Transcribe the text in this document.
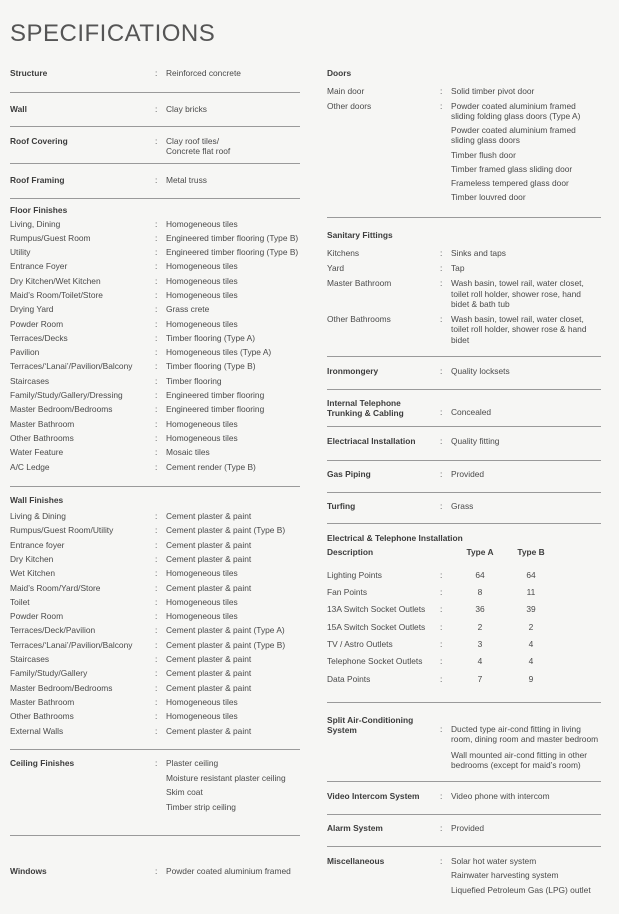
SPECIFICATIONS
Structure	:	Reinforced concrete
Wall	:	Clay bricks
Roof Covering	:	Clay roof tiles/
Concrete flat roof
Roof Framing	:	Metal truss
Floor Finishes
Living, Dining	:	Homogeneous tiles
Rumpus/Guest Room	:	Engineered timber flooring (Type B)
Utility	:	Engineered timber flooring (Type B)
Entrance Foyer	:	Homogeneous tiles
Dry Kitchen/Wet Kitchen	:	Homogeneous tiles
Maid’s Room/Toilet/Store	:	Homogeneous tiles
Drying Yard	:	Grass crete
Powder Room	:	Homogeneous tiles
Terraces/Decks	:	Timber flooring (Type A)
Pavilion	:	Homogeneous tiles (Type A)
Terraces/‘Lanai’/Pavilion/Balcony	:	Timber flooring (Type B)
Staircases	:	Timber flooring
Family/Study/Gallery/Dressing	:	Engineered timber flooring
Master Bedroom/Bedrooms	:	Engineered timber flooring
Master Bathroom	:	Homogeneous tiles
Other Bathrooms	:	Homogeneous tiles
Water Feature	:	Mosaic tiles
A/C Ledge	:	Cement render (Type B)
Wall Finishes
Living & Dining	:	Cement plaster & paint
Rumpus/Guest Room/Utility	:	Cement plaster & paint (Type B)
Entrance foyer	:	Cement plaster & paint
Dry Kitchen	:	Cement plaster & paint
Wet Kitchen	:	Homogeneous tiles
Maid’s Room/Yard/Store	:	Cement plaster & paint
Toilet	:	Homogeneous tiles
Powder Room	:	Homogeneous tiles
Terraces/Deck/Pavilion	:	Cement plaster & paint (Type A)
Terraces/‘Lanai’/Pavilion/Balcony	:	Cement plaster & paint (Type B)
Staircases	:	Cement plaster & paint
Family/Study/Gallery	:	Cement plaster & paint
Master Bedroom/Bedrooms	:	Cement plaster & paint
Master Bathroom	:	Homogeneous tiles
Other Bathrooms	:	Homogeneous tiles
External Walls	:	Cement plaster & paint
Ceiling Finishes	:	Plaster ceiling
Moisture resistant plaster ceiling
Skim coat
Timber strip ceiling
Windows	:	Powder coated aluminium framed
Doors
Main door	:	Solid timber pivot door
Other doors	:	Powder coated aluminium framed sliding folding glass doors (Type A)
Powder coated aluminium framed sliding glass doors
Timber flush door
Timber framed glass sliding door
Frameless tempered glass door
Timber louvred door
Sanitary Fittings
Kitchens	:	Sinks and taps
Yard	:	Tap
Master Bathroom	:	Wash basin, towel rail, water closet, toilet roll holder, shower rose, hand bidet & bath tub
Other Bathrooms	:	Wash basin, towel rail, water closet, toilet roll holder, shower rose & hand bidet
Ironmongery	:	Quality locksets
Internal Telephone
Trunking & Cabling	:	Concealed
Electriacal Installation	:	Quality fitting
Gas Piping	:	Provided
Turfing	:	Grass
Electrical & Telephone Installation
Description	Type A	Type B
Lighting Points	:	64	64
Fan Points	:	8	11
13A Switch Socket Outlets	:	36	39
15A Switch Socket Outlets	:	2	2
TV / Astro Outlets	:	3	4
Telephone Socket Outlets	:	4	4
Data Points	:	7	9
Split Air-Conditioning
System	:	Ducted type air-cond fitting in living room, dining room and master bedroom
Wall mounted air-cond fitting in other bedrooms (except for maid’s room)
Video Intercom System	:	Video phone with intercom
Alarm System	:	Provided
Miscellaneous	:	Solar hot water system
Rainwater harvesting system
Liquefied Petroleum Gas (LPG) outlet
